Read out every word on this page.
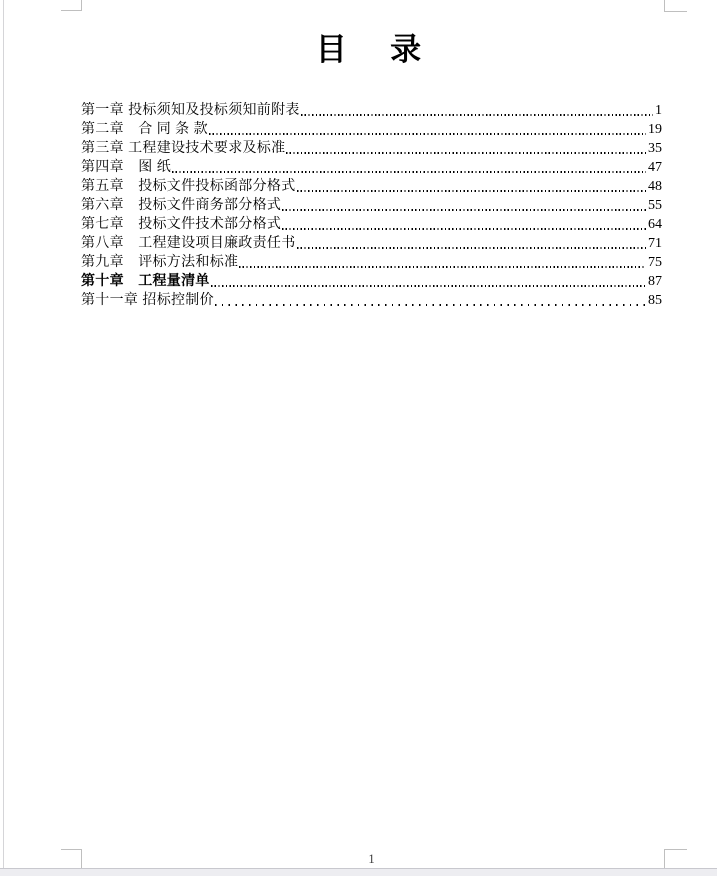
目　录
第一章 投标须知及投标须知前附表	1
第二章　合 同 条 款	19
第三章 工程建设技术要求及标准	35
第四章　图 纸	47
第五章　投标文件投标函部分格式	48
第六章　投标文件商务部分格式	55
第七章　投标文件技术部分格式	64
第八章　工程建设项目廉政责任书	71
第九章　评标方法和标准	75
第十章　工程量清单	87
第十一章 招标控制价	85
1
